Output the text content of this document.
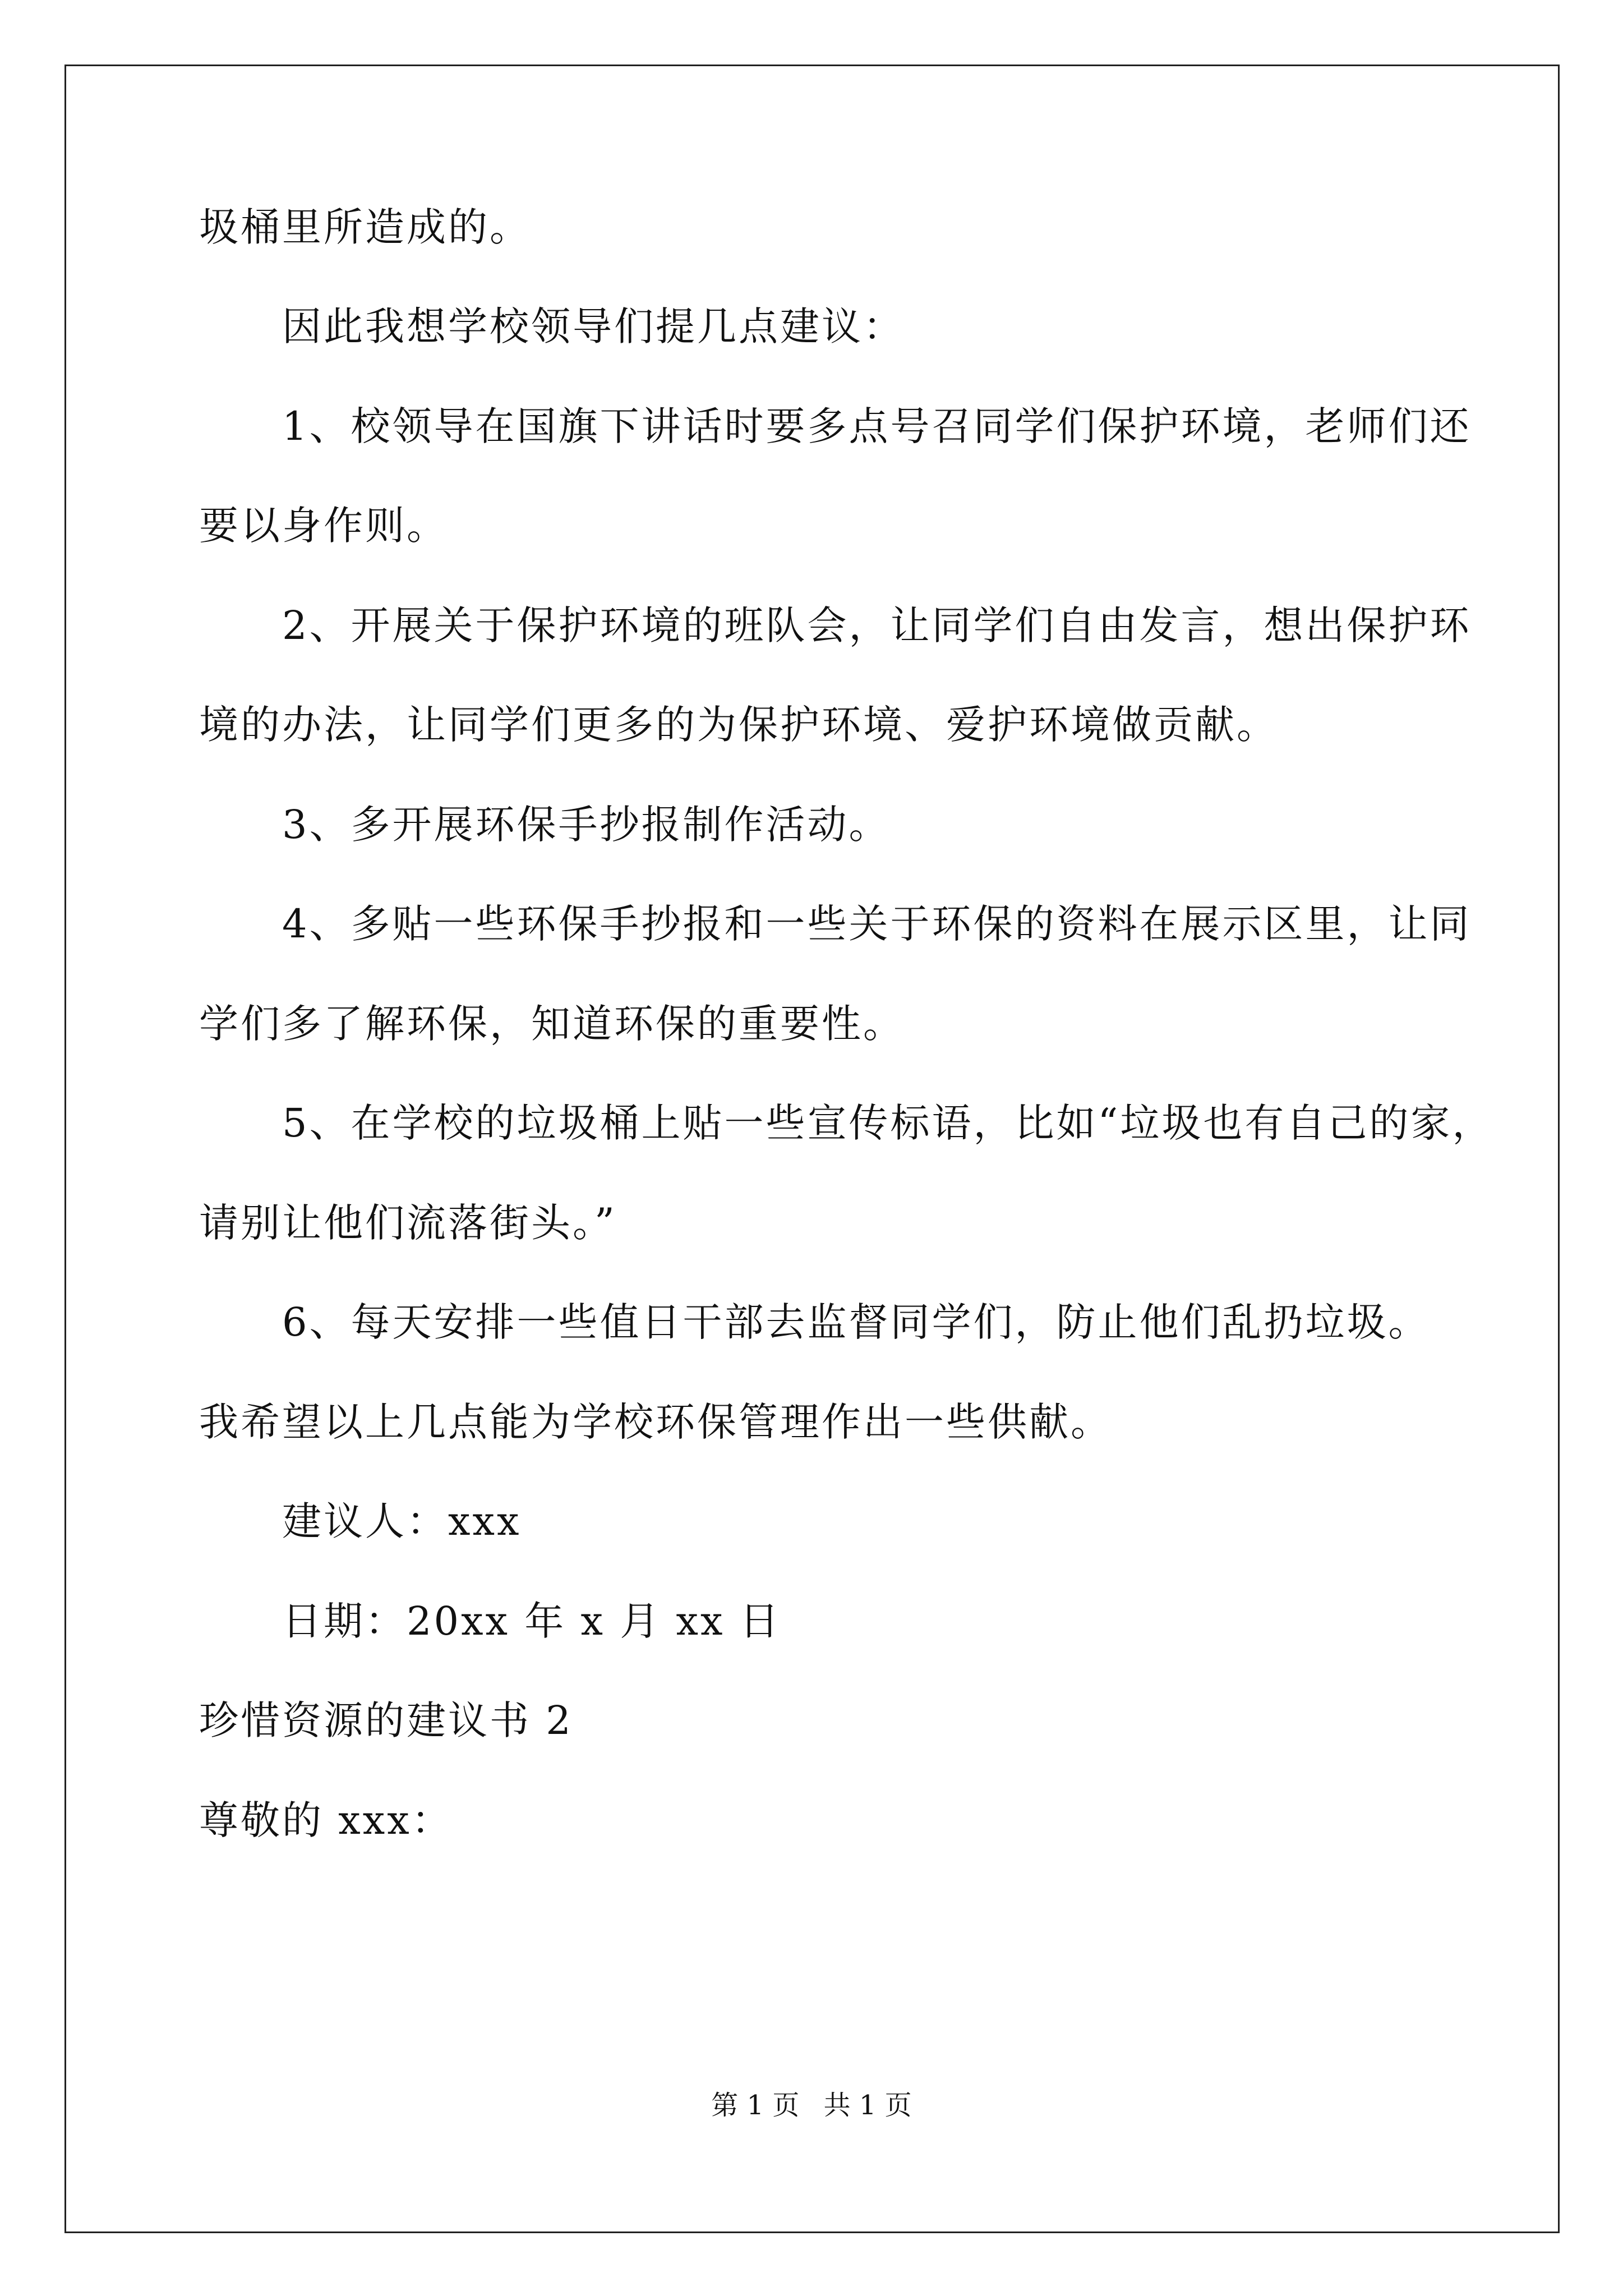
圾桶里所造成的。
因此我想学校领导们提几点建议：
1、校领导在国旗下讲话时要多点号召同学们保护环境，老师们还
要以身作则。
2、开展关于保护环境的班队会，让同学们自由发言，想出保护环
境的办法，让同学们更多的为保护环境、爱护环境做贡献。
3、多开展环保手抄报制作活动。
4、多贴一些环保手抄报和一些关于环保的资料在展示区里，让同
学们多了解环保，知道环保的重要性。
5、在学校的垃圾桶上贴一些宣传标语，比如“垃圾也有自己的家，
请别让他们流落街头。”
6、每天安排一些值日干部去监督同学们，防止他们乱扔垃圾。
我希望以上几点能为学校环保管理作出一些供献。
建议人：xxx
日期：20xx 年 x 月 xx 日
珍惜资源的建议书 2
尊敬的 xxx：
第 1 页 共 1 页
